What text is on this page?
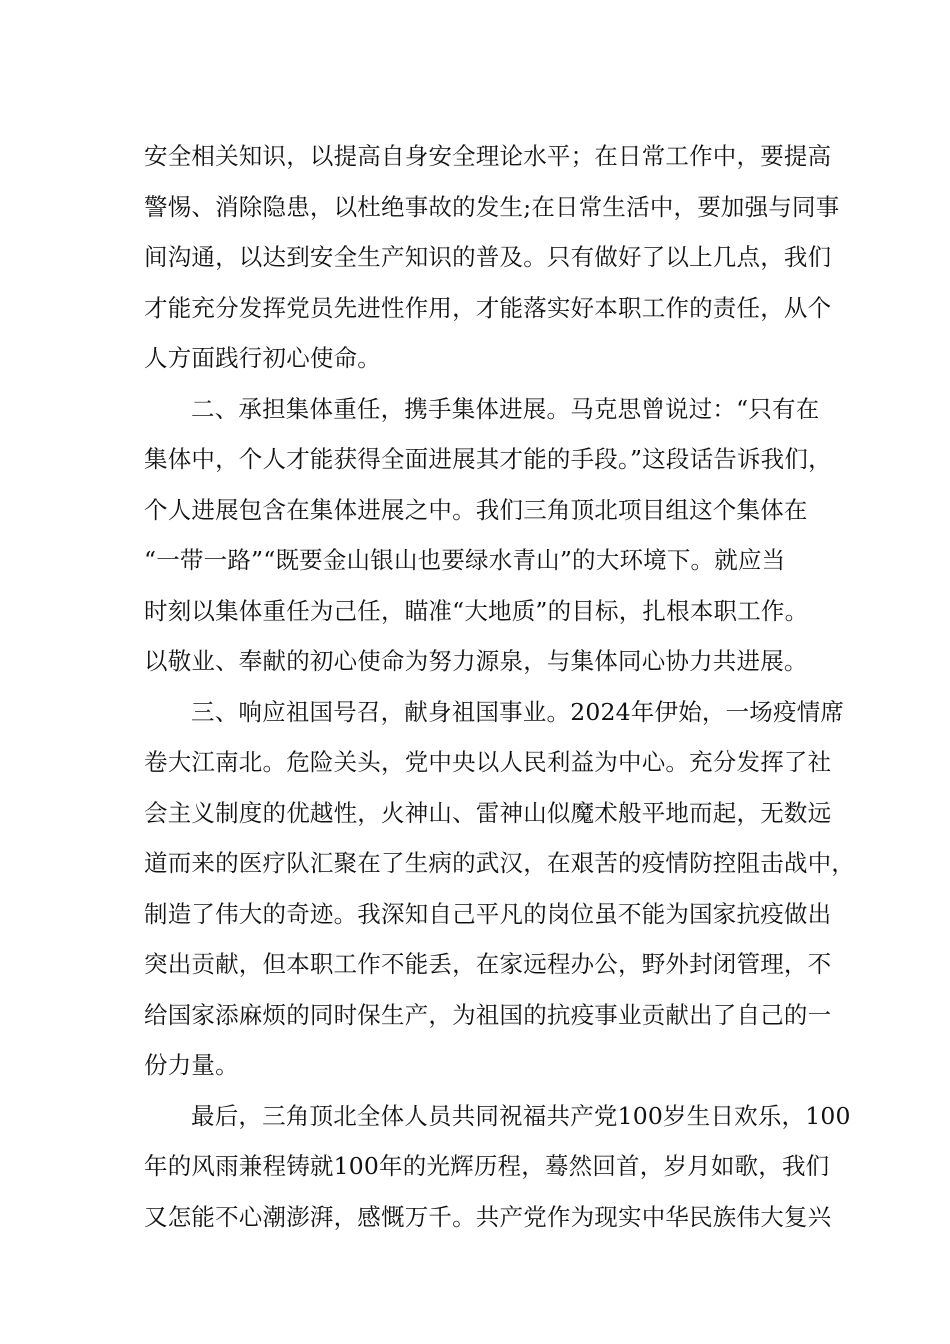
安全相关知识，以提高自身安全理论水平；在日常工作中，要提高
警惕、消除隐患，以杜绝事故的发生;在日常生活中，要加强与同事
间沟通，以达到安全生产知识的普及。只有做好了以上几点，我们
才能充分发挥党员先进性作用，才能落实好本职工作的责任，从个
人方面践行初心使命。
二、承担集体重任，携手集体进展。马克思曾说过：“只有在
集体中，个人才能获得全面进展其才能的手段。”这段话告诉我们，
个人进展包含在集体进展之中。我们三角顶北项目组这个集体在
“一带一路”“既要金山银山也要绿水青山”的大环境下。就应当
时刻以集体重任为己任，瞄准“大地质”的目标，扎根本职工作。
以敬业、奉献的初心使命为努力源泉，与集体同心协力共进展。
三、响应祖国号召，献身祖国事业。2024年伊始，一场疫情席
卷大江南北。危险关头，党中央以人民利益为中心。充分发挥了社
会主义制度的优越性，火神山、雷神山似魔术般平地而起，无数远
道而来的医疗队汇聚在了生病的武汉，在艰苦的疫情防控阻击战中，
制造了伟大的奇迹。我深知自己平凡的岗位虽不能为国家抗疫做出
突出贡献，但本职工作不能丢，在家远程办公，野外封闭管理，不
给国家添麻烦的同时保生产，为祖国的抗疫事业贡献出了自己的一
份力量。
最后，三角顶北全体人员共同祝福共产党100岁生日欢乐，100
年的风雨兼程铸就100年的光辉历程，蓦然回首，岁月如歌，我们
又怎能不心潮澎湃，感慨万千。共产党作为现实中华民族伟大复兴
